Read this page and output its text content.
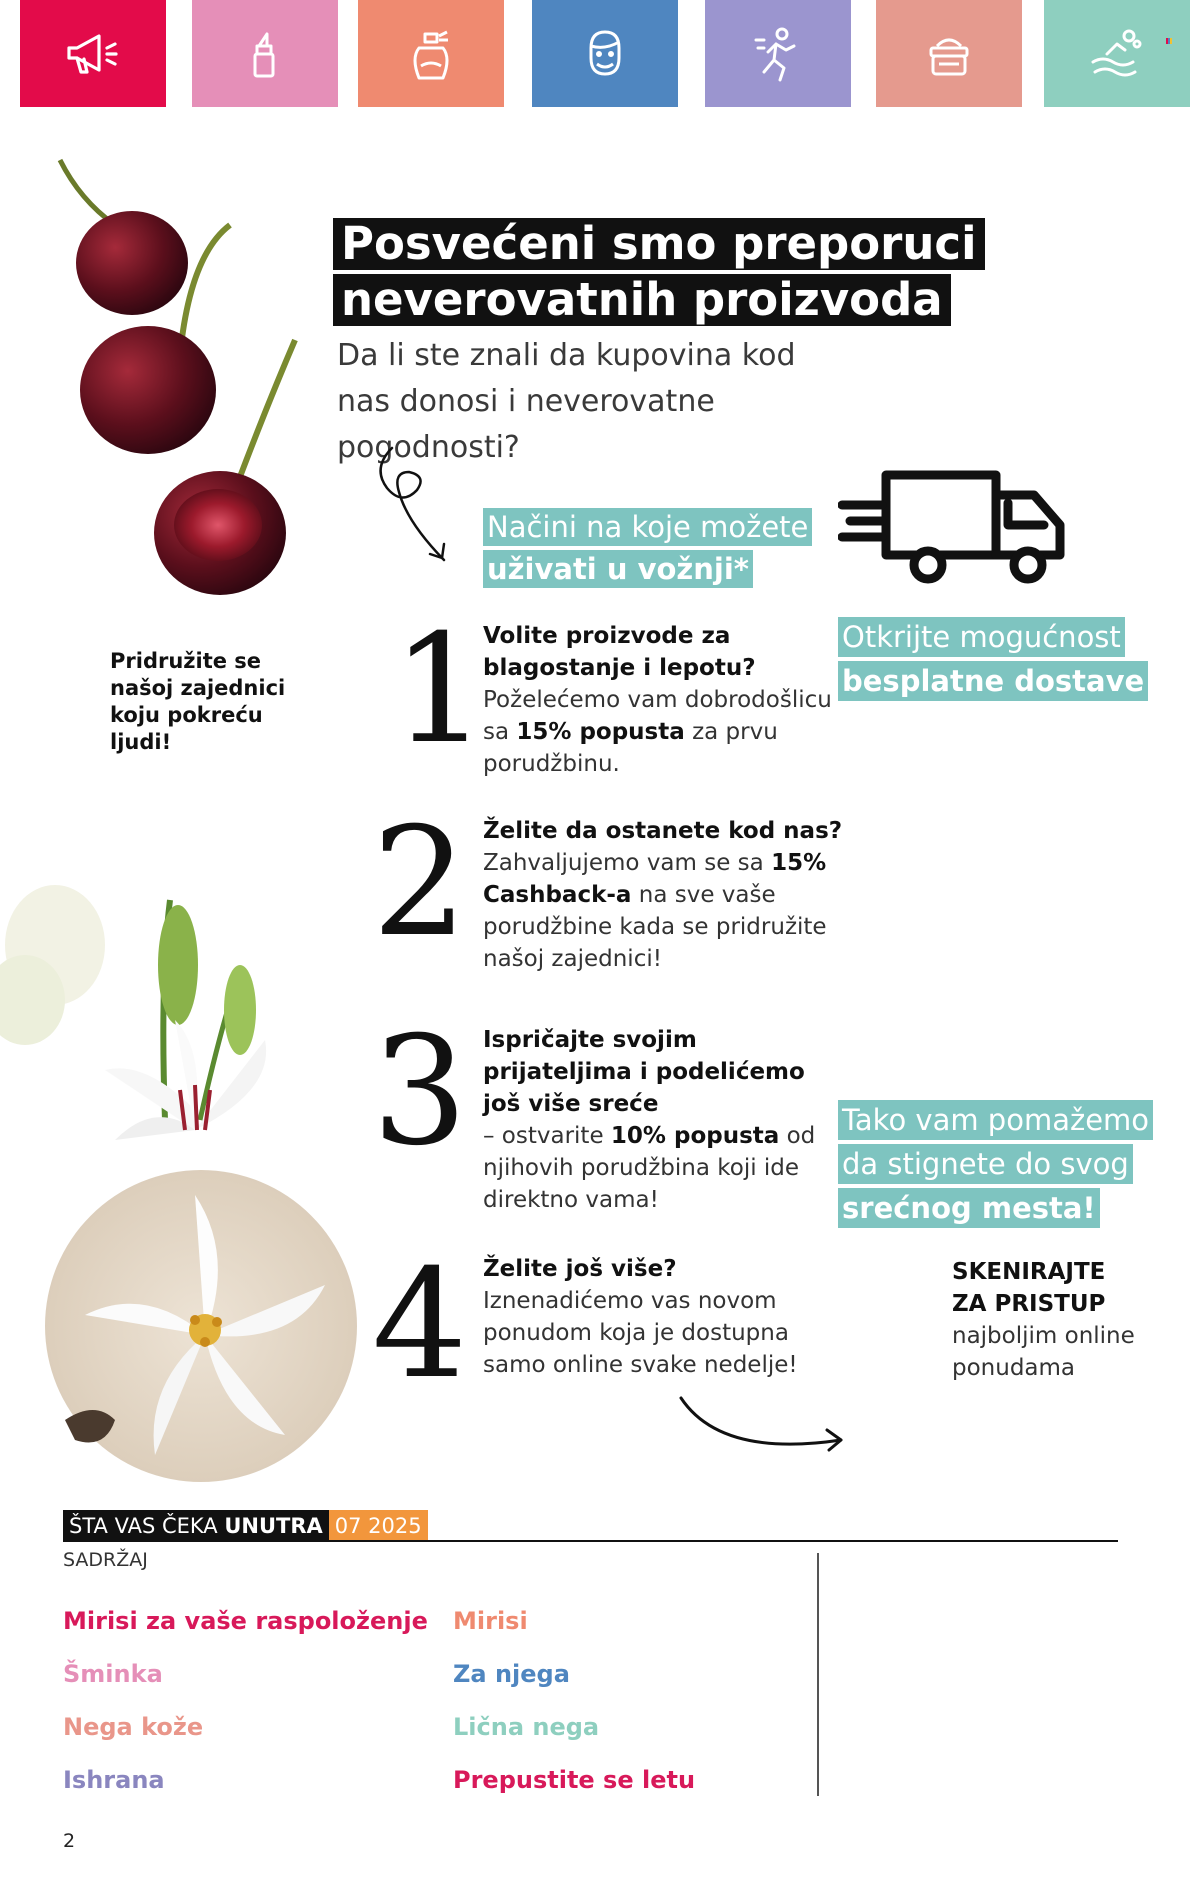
Posvećeni smo preporuci
neverovatnih proizvoda
Da li ste znali da kupovina kod nas donosi i neverovatne pogodnosti?
Načini na koje možete
uživati u vožnji*
Otkrijte mogućnost
besplatne dostave
Pridružite se našoj zajednici koju pokreću ljudi!	1
Volite proizvode za blagostanje i lepotu?
Poželećemo vam dobrodošlicu sa 15% popusta za prvu porudžbinu.
2 Želite da ostanete kod nas?
Zahvaljujemo vam se sa 15% Cashback-a na sve vaše porudžbine kada se pridružite našoj zajednici!
3 Ispričajte svojim prijateljima i podelićemo još više sreće
– ostvarite 10% popusta od njihovih porudžbina koji ide direktno vama!
4 Želite još više?
Iznenadićemo vas novom ponudom koja je dostupna samo online svake nedelje!
Tako vam pomažemo
da stignete do svog
srećnog mesta!
SKENIRAJTE
ZA PRISTUP
najboljim online ponudama
ŠTA VAS ČEKA UNUTRA 07 2025
SADRŽAJ
Mirisi za vaše raspoloženje
Šminka
Nega kože
Ishrana
Mirisi
Za njega
Lična nega
Prepustite se letu
2
